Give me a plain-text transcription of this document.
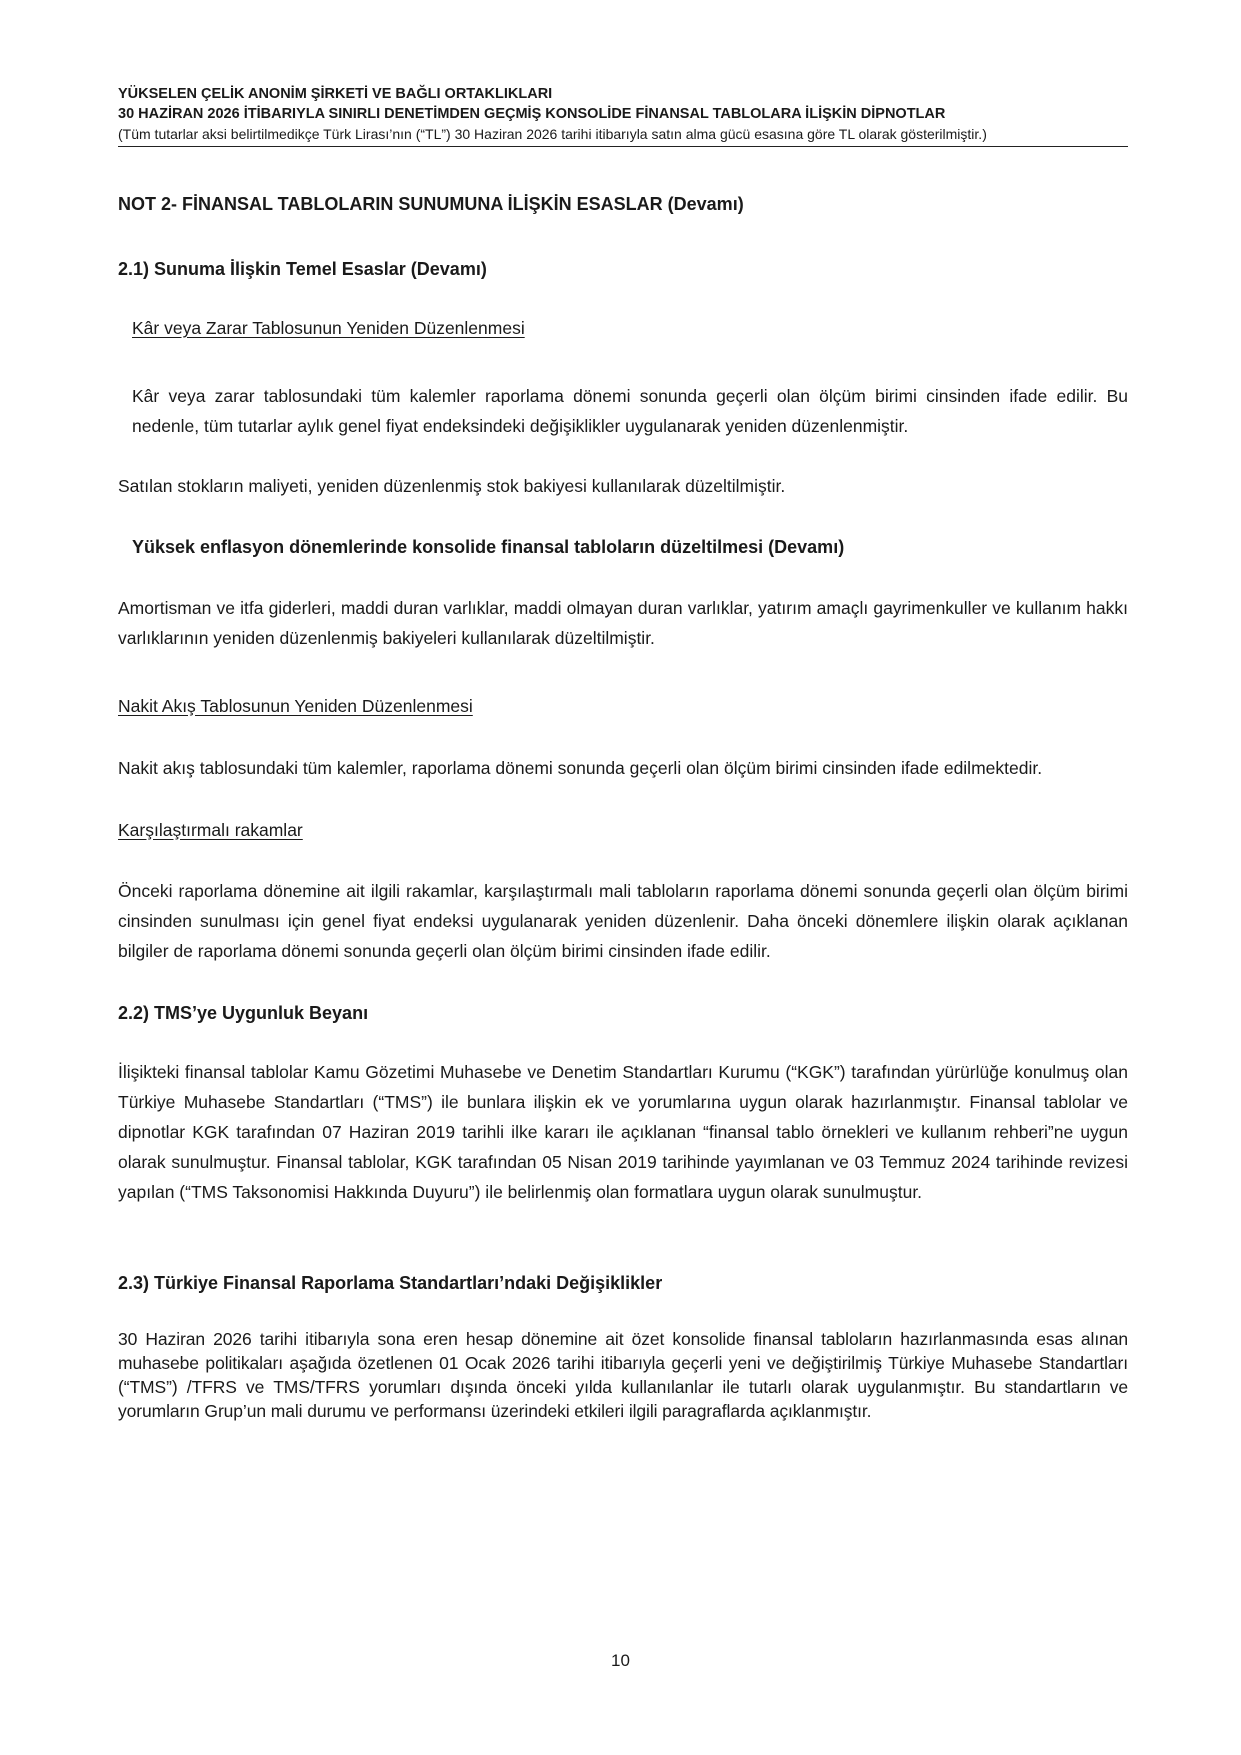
YÜKSELEN ÇELİK ANONİM ŞİRKETİ VE BAĞLI ORTAKLIKLARI
30 HAZİRAN 2026 İTİBARIYLA SINIRLI DENETİMDEN GEÇMİŞ KONSOLİDE FİNANSAL TABLOLARA İLİŞKİN DİPNOTLAR
(Tüm tutarlar aksi belirtilmedikçe Türk Lirası’nın (“TL”) 30 Haziran 2026 tarihi itibarıyla satın alma gücü esasına göre TL olarak gösterilmiştir.)
NOT 2- FİNANSAL TABLOLARIN SUNUMUNA İLİŞKİN ESASLAR (Devamı)
2.1) Sunuma İlişkin Temel Esaslar (Devamı)
Kâr veya Zarar Tablosunun Yeniden Düzenlenmesi
Kâr veya zarar tablosundaki tüm kalemler raporlama dönemi sonunda geçerli olan ölçüm birimi cinsinden ifade edilir. Bu nedenle, tüm tutarlar aylık genel fiyat endeksindeki değişiklikler uygulanarak yeniden düzenlenmiştir.
Satılan stokların maliyeti, yeniden düzenlenmiş stok bakiyesi kullanılarak düzeltilmiştir.
Yüksek enflasyon dönemlerinde konsolide finansal tabloların düzeltilmesi (Devamı)
Amortisman ve itfa giderleri, maddi duran varlıklar, maddi olmayan duran varlıklar, yatırım amaçlı gayrimenkuller ve kullanım hakkı varlıklarının yeniden düzenlenmiş bakiyeleri kullanılarak düzeltilmiştir.
Nakit Akış Tablosunun Yeniden Düzenlenmesi
Nakit akış tablosundaki tüm kalemler, raporlama dönemi sonunda geçerli olan ölçüm birimi cinsinden ifade edilmektedir.
Karşılaştırmalı rakamlar
Önceki raporlama dönemine ait ilgili rakamlar, karşılaştırmalı mali tabloların raporlama dönemi sonunda geçerli olan ölçüm birimi cinsinden sunulması için genel fiyat endeksi uygulanarak yeniden düzenlenir. Daha önceki dönemlere ilişkin olarak açıklanan bilgiler de raporlama dönemi sonunda geçerli olan ölçüm birimi cinsinden ifade edilir.
2.2) TMS’ye Uygunluk Beyanı
İlişikteki finansal tablolar Kamu Gözetimi Muhasebe ve Denetim Standartları Kurumu (“KGK”) tarafından yürürlüğe konulmuş olan Türkiye Muhasebe Standartları (“TMS”) ile bunlara ilişkin ek ve yorumlarına uygun olarak hazırlanmıştır. Finansal tablolar ve dipnotlar KGK tarafından 07 Haziran 2019 tarihli ilke kararı ile açıklanan “finansal tablo örnekleri ve kullanım rehberi”ne uygun olarak sunulmuştur. Finansal tablolar, KGK tarafından 05 Nisan 2019 tarihinde yayımlanan ve 03 Temmuz 2024 tarihinde revizesi yapılan (“TMS Taksonomisi Hakkında Duyuru”) ile belirlenmiş olan formatlara uygun olarak sunulmuştur.
2.3) Türkiye Finansal Raporlama Standartları’ndaki Değişiklikler
30 Haziran 2026 tarihi itibarıyla sona eren hesap dönemine ait özet konsolide finansal tabloların hazırlanmasında esas alınan muhasebe politikaları aşağıda özetlenen 01 Ocak 2026 tarihi itibarıyla geçerli yeni ve değiştirilmiş Türkiye Muhasebe Standartları (“TMS”) /TFRS ve TMS/TFRS yorumları dışında önceki yılda kullanılanlar ile tutarlı olarak uygulanmıştır. Bu standartların ve yorumların Grup’un mali durumu ve performansı üzerindeki etkileri ilgili paragraflarda açıklanmıştır.
10
